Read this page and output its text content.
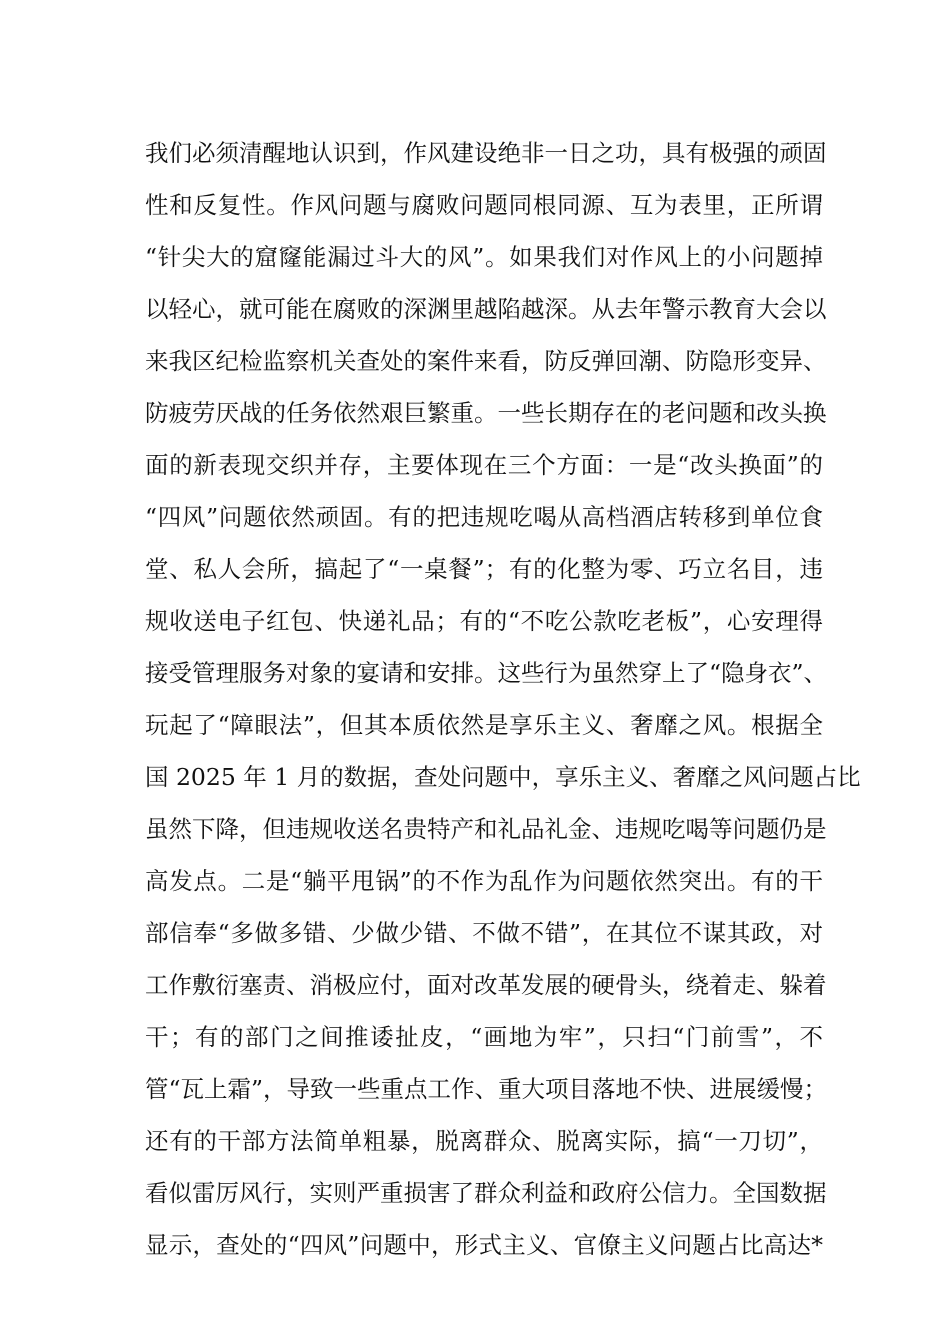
我们必须清醒地认识到，作风建设绝非一日之功，具有极强的顽固
性和反复性。作风问题与腐败问题同根同源、互为表里，正所谓
“针尖大的窟窿能漏过斗大的风”。如果我们对作风上的小问题掉
以轻心，就可能在腐败的深渊里越陷越深。从去年警示教育大会以
来我区纪检监察机关查处的案件来看，防反弹回潮、防隐形变异、
防疲劳厌战的任务依然艰巨繁重。一些长期存在的老问题和改头换
面的新表现交织并存，主要体现在三个方面：一是“改头换面”的
“四风”问题依然顽固。有的把违规吃喝从高档酒店转移到单位食
堂、私人会所，搞起了“一桌餐”；有的化整为零、巧立名目，违
规收送电子红包、快递礼品；有的“不吃公款吃老板”，心安理得
接受管理服务对象的宴请和安排。这些行为虽然穿上了“隐身衣”、
玩起了“障眼法”，但其本质依然是享乐主义、奢靡之风。根据全
国 2025 年 1 月的数据，查处问题中，享乐主义、奢靡之风问题占比
虽然下降，但违规收送名贵特产和礼品礼金、违规吃喝等问题仍是
高发点。二是“躺平甩锅”的不作为乱作为问题依然突出。有的干
部信奉“多做多错、少做少错、不做不错”，在其位不谋其政，对
工作敷衍塞责、消极应付，面对改革发展的硬骨头，绕着走、躲着
干；有的部门之间推诿扯皮，“画地为牢”，只扫“门前雪”，不
管“瓦上霜”，导致一些重点工作、重大项目落地不快、进展缓慢；
还有的干部方法简单粗暴，脱离群众、脱离实际，搞“一刀切”，
看似雷厉风行，实则严重损害了群众利益和政府公信力。全国数据
显示，查处的“四风”问题中，形式主义、官僚主义问题占比高达*
